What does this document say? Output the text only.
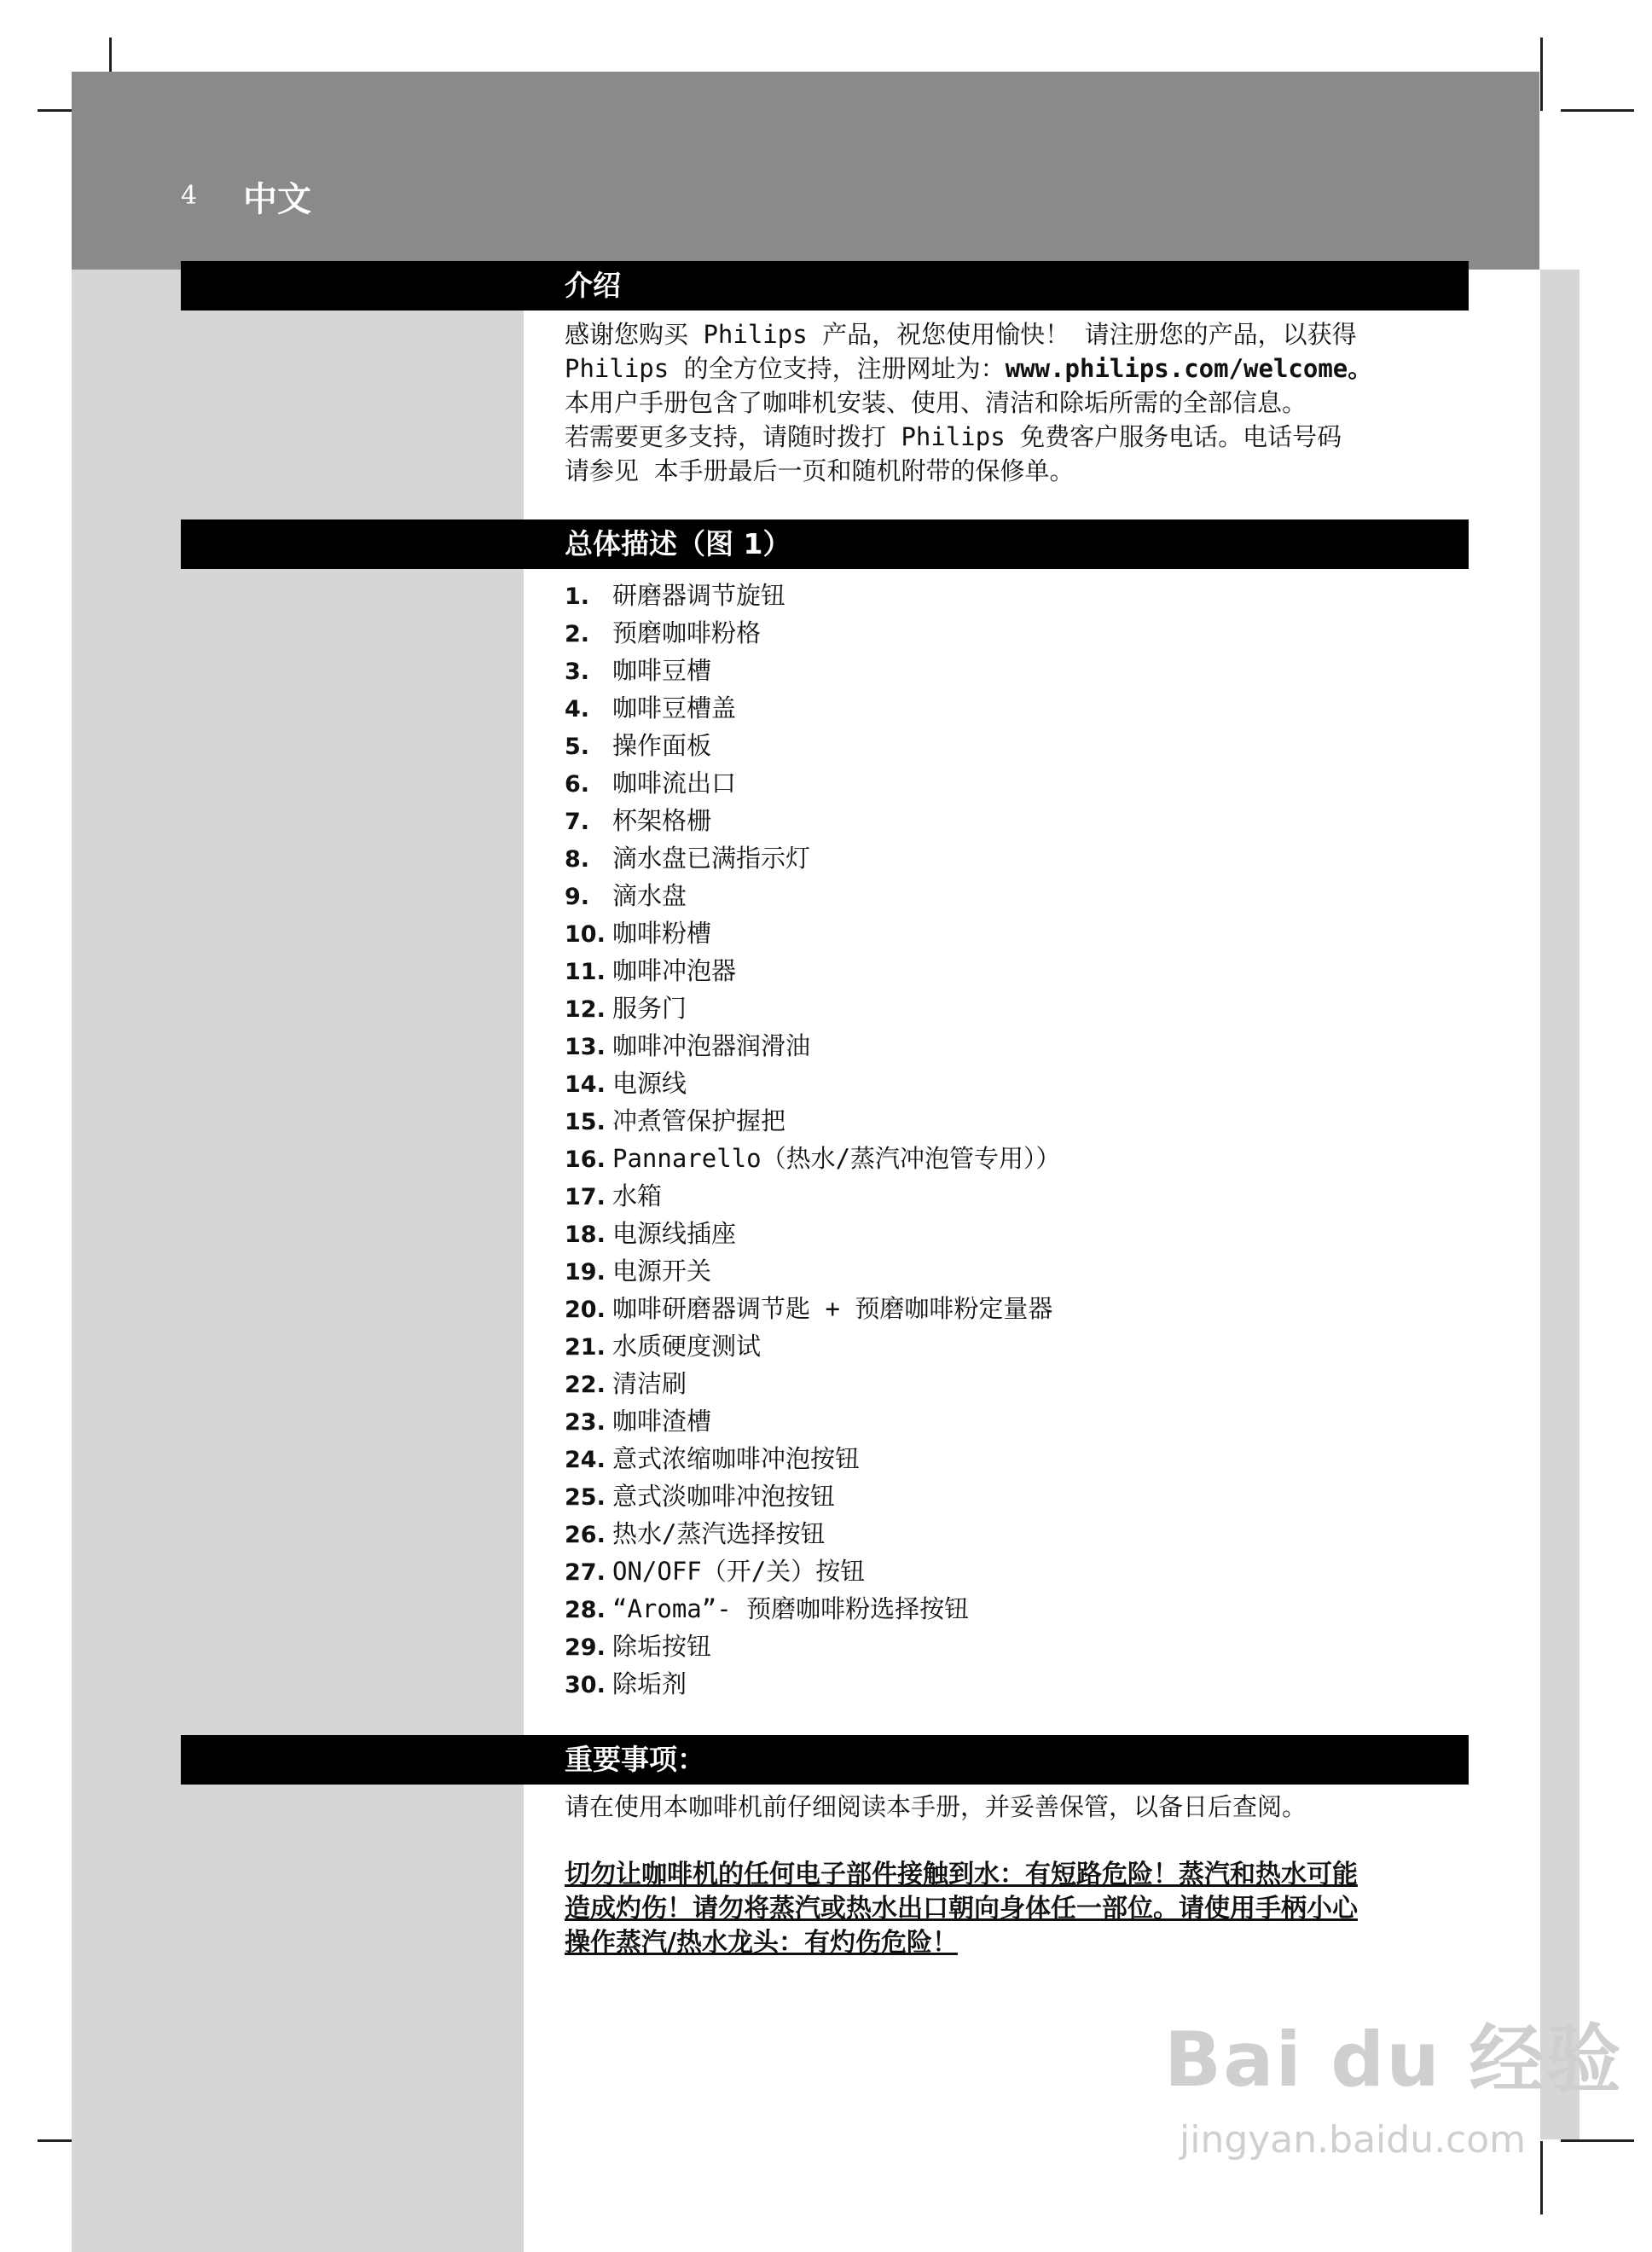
4 中文
介绍

感谢您购买 Philips 产品，祝您使用愉快！ 请注册您的产品，以获得

Philips 的全方位支持，注册网址为：www.philips.com/welcome。

本用户手册包含了咖啡机安装、使用、清洁和除垢所需的全部信息。

若需要更多支持，请随时拨打 Philips 免费客户服务电话。电话号码

请参见 本手册最后一页和随机附带的保修单。

总体描述（图 1）
1. 研磨器调节旋钮
2. 预磨咖啡粉格
3. 咖啡豆槽
4. 咖啡豆槽盖
5. 操作面板
6. 咖啡流出口
7. 杯架格栅
8. 滴水盘已满指示灯
9. 滴水盘
10. 咖啡粉槽
11. 咖啡冲泡器
12. 服务门
13. 咖啡冲泡器润滑油
14. 电源线
15. 冲煮管保护握把
16. Pannarello（热水/蒸汽冲泡管专用））
17. 水箱
18. 电源线插座
19. 电源开关
20. 咖啡研磨器调节匙 + 预磨咖啡粉定量器
21. 水质硬度测试
22. 清洁刷
23. 咖啡渣槽
24. 意式浓缩咖啡冲泡按钮
25. 意式淡咖啡冲泡按钮
26. 热水/蒸汽选择按钮
27. ON/OFF（开/关）按钮
28. “Aroma”- 预磨咖啡粉选择按钮
29. 除垢按钮
30. 除垢剂
重要事项：
请在使用本咖啡机前仔细阅读本手册，并妥善保管，以备日后查阅。
切勿让咖啡机的任何电子部件接触到水：有短路危险！蒸汽和热水可能
造成灼伤！请勿将蒸汽或热水出口朝向身体任一部位。请使用手柄小心
操作蒸汽/热水龙头：有灼伤危险！
Bai du 经验
jingyan.baidu.com
